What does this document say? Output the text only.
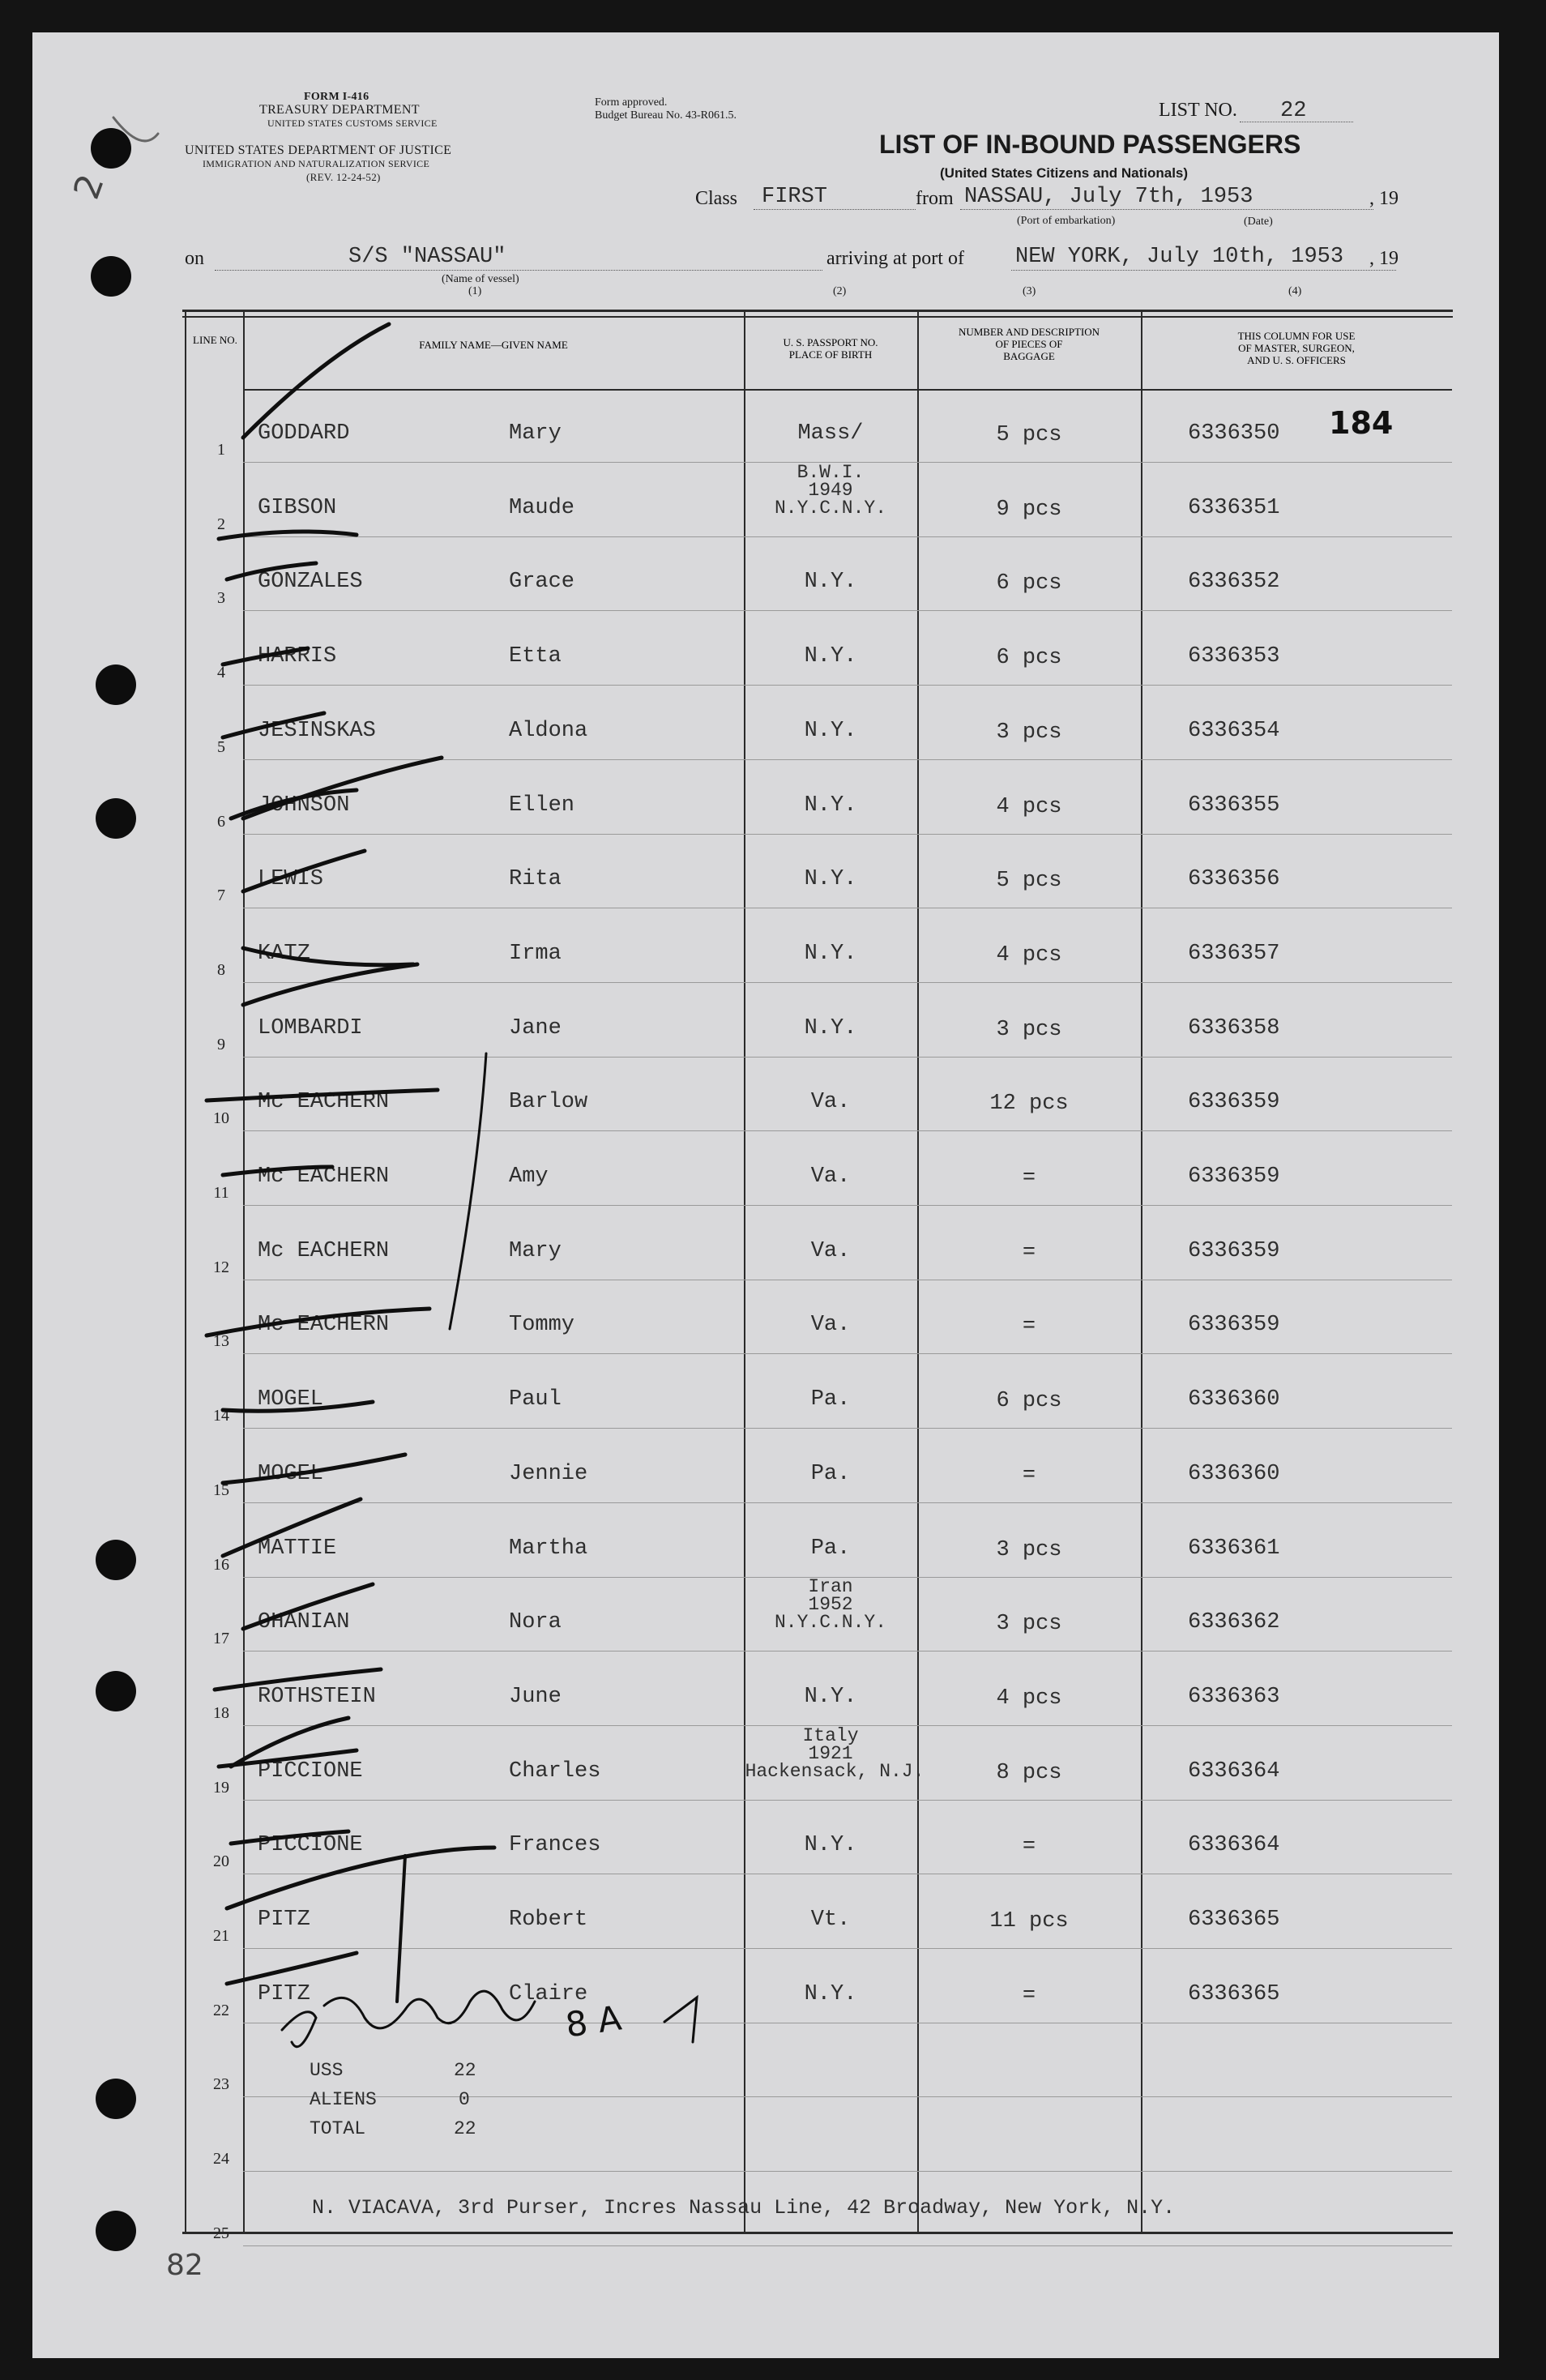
2
82
FORM I-416
TREASURY DEPARTMENT
UNITED STATES CUSTOMS SERVICE
UNITED STATES DEPARTMENT OF JUSTICE
IMMIGRATION AND NATURALIZATION SERVICE
(REV. 12-24-52)
Form approved.
Budget Bureau No. 43-R061.5.	LIST NO. 22
LIST OF IN-BOUND PASSENGERS
(United States Citizens and Nationals)
Class FIRST	from NASSAU, July 7th, 1953	, 19
(Port of embarkation)	(Date)
on	S/S "NASSAU"
(Name of vessel)
(1)
arriving at port of NEW YORK, July 10th, 1953 , 19
(2)	(3)	(4)
LINE NO.	FAMILY NAME—GIVEN NAME	U. S. PASSPORT NO.
PLACE OF BIRTH
NUMBER AND DESCRIPTION
OF PIECES OF
BAGGAGE
THIS COLUMN FOR USE
OF MASTER, SURGEON,
AND U. S. OFFICERS
1
GODDARD	Mary	Mass/	5 pcs	6336350
2
GIBSON	Maude
B.W.I.
1949
N.Y.C.N.Y.	9 pcs	6336351
3
GONZALES	Grace	N.Y.	6 pcs	6336352
4
HARRIS	Etta	N.Y.	6 pcs	6336353
5
JESINSKAS	Aldona	N.Y.	3 pcs	6336354
6
JOHNSON	Ellen	N.Y.	4 pcs	6336355
7
LEWIS	Rita	N.Y.	5 pcs	6336356
8
KATZ	Irma	N.Y.	4 pcs	6336357
9
LOMBARDI	Jane	N.Y.	3 pcs	6336358
10
Mc EACHERN	Barlow	Va.	12 pcs	6336359
11
Mc EACHERN	Amy	Va.	=	6336359
12
Mc EACHERN	Mary	Va.	=	6336359
13
Mc EACHERN	Tommy	Va.	=	6336359
14
MOGEL	Paul	Pa.	6 pcs	6336360
15
MOGEL	Jennie	Pa.	=	6336360
16
MATTIE	Martha	Pa.	3 pcs	6336361
17
OHANIAN	Nora
Iran
1952
N.Y.C.N.Y.	3 pcs	6336362
18
ROTHSTEIN	June	N.Y.	4 pcs	6336363
19
PICCIONE	Charles
Italy
1921
Hackensack, N.J.	8 pcs	6336364
20
PICCIONE	Frances	N.Y.	=	6336364
21
PITZ	Robert	Vt.	11 pcs	6336365
22
PITZ	Claire	N.Y.	=	6336365
23
24
25
USS	22
ALIENS	0
TOTAL	22
N. VIACAVA, 3rd Purser, Incres Nassau Line, 42 Broadway, New York, N.Y.
8 A
184
